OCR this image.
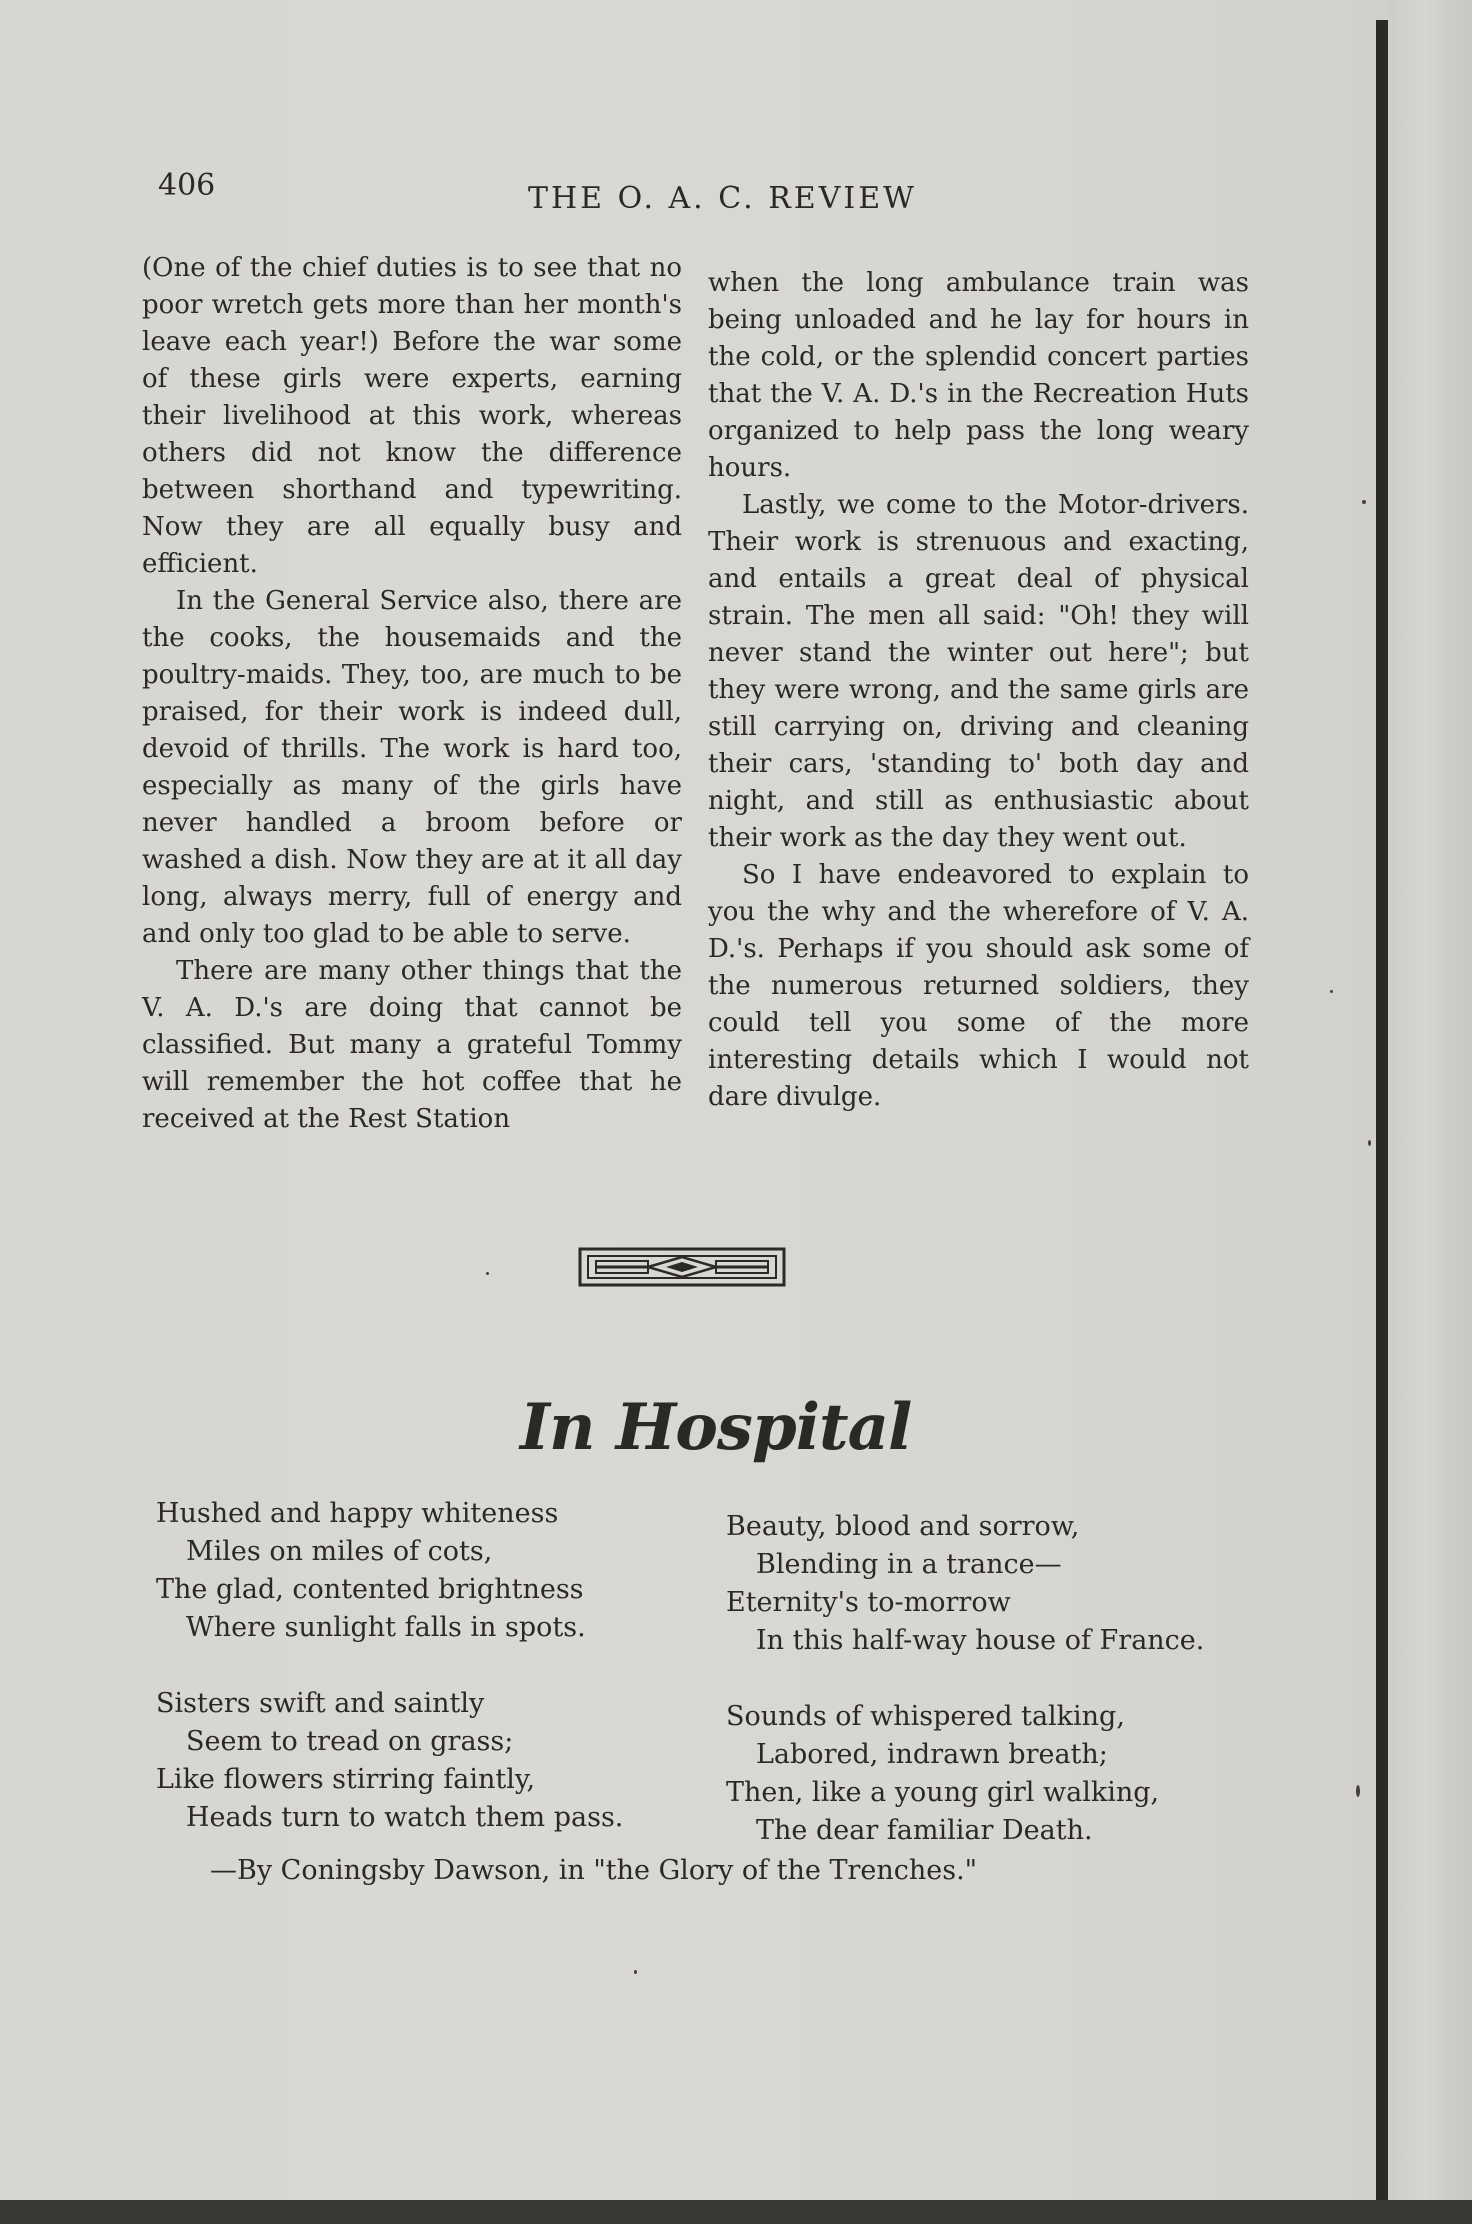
406	THE O. A. C. REVIEW

(One of the chief duties is to see that no poor wretch gets more than her month's leave each year!) Before the war some of these girls were experts, earning their livelihood at this work, whereas others did not know the difference between shorthand and typewriting. Now they are all equally busy and efficient.

In the General Service also, there are the cooks, the housemaids and the poultry-maids. They, too, are much to be praised, for their work is indeed dull, devoid of thrills. The work is hard too, especially as many of the girls have never handled a broom before or washed a dish. Now they are at it all day long, always merry, full of energy and and only too glad to be able to serve.

There are many other things that the V. A. D.'s are doing that cannot be classified. But many a grateful Tommy will remember the hot coffee that he received at the Rest Station

when the long ambulance train was being unloaded and he lay for hours in the cold, or the splendid concert parties that the V. A. D.'s in the Recreation Huts organized to help pass the long weary hours.

Lastly, we come to the Motor-drivers. Their work is strenuous and exacting, and entails a great deal of physical strain. The men all said: "Oh! they will never stand the winter out here"; but they were wrong, and the same girls are still carrying on, driving and cleaning their cars, 'standing to' both day and night, and still as enthusiastic about their work as the day they went out.

So I have endeavored to explain to you the why and the wherefore of V. A. D.'s. Perhaps if you should ask some of the numerous returned soldiers, they could tell you some of the more interesting details which I would not dare divulge.

In Hospital
Hushed and happy whiteness
Miles on miles of cots,
The glad, contented brightness
Where sunlight falls in spots.
Sisters swift and saintly
Seem to tread on grass;
Like flowers stirring faintly,
Heads turn to watch them pass.
Beauty, blood and sorrow,
Blending in a trance—
Eternity's to-morrow
In this half-way house of France.
Sounds of whispered talking,
Labored, indrawn breath;
Then, like a young girl walking,
The dear familiar Death.
—By Coningsby Dawson, in "the Glory of the Trenches."
